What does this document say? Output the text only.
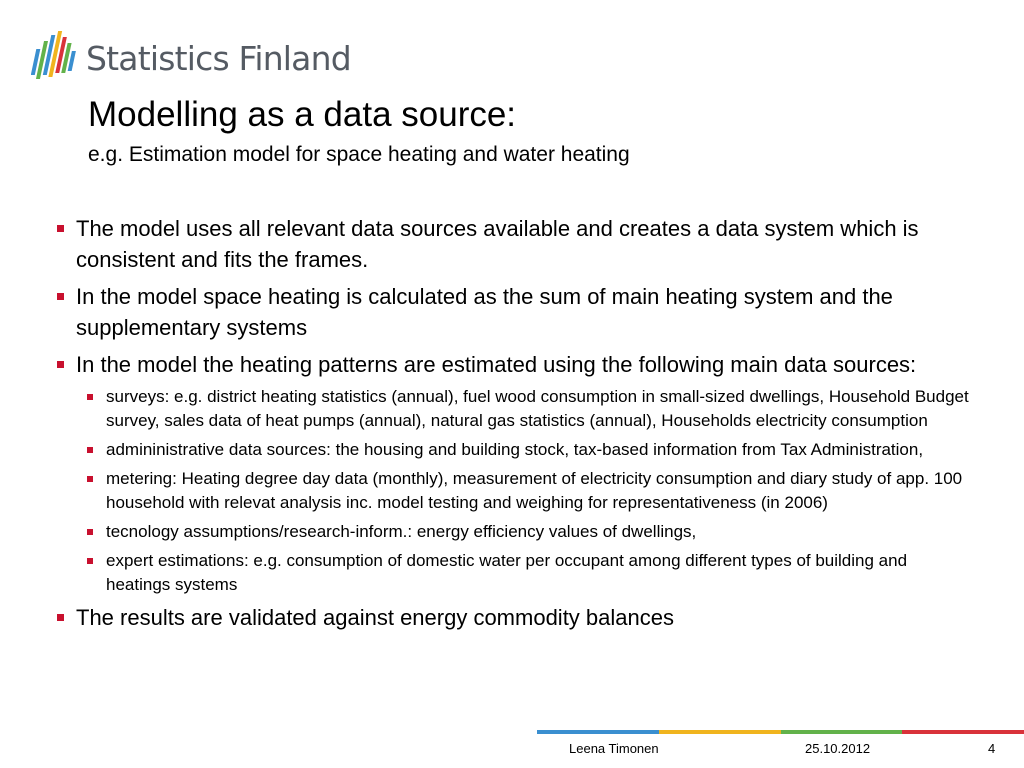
Statistics Finland
Modelling as a data source:
e.g. Estimation model for space heating and water heating
The model uses all relevant data sources available and creates a data system which is consistent and fits the frames.
In the model space heating is calculated as the sum of main heating system and the supplementary systems
In the model the heating patterns are estimated using the following main data sources:
surveys: e.g. district heating statistics (annual), fuel wood consumption in small-sized dwellings, Household Budget survey, sales data of heat pumps (annual), natural gas statistics (annual), Households electricity consumption
admininistrative data sources: the housing and building stock, tax-based information from Tax Administration,
metering: Heating degree day data (monthly), measurement of electricity consumption and diary study of app. 100 household with relevat analysis inc. model testing and weighing for representativeness (in 2006)
tecnology assumptions/research-inform.: energy efficiency values of dwellings,
expert estimations: e.g. consumption of domestic water per occupant among different types of building and heatings systems
The results are validated against energy commodity balances
Leena Timonen	25.10.2012	4
